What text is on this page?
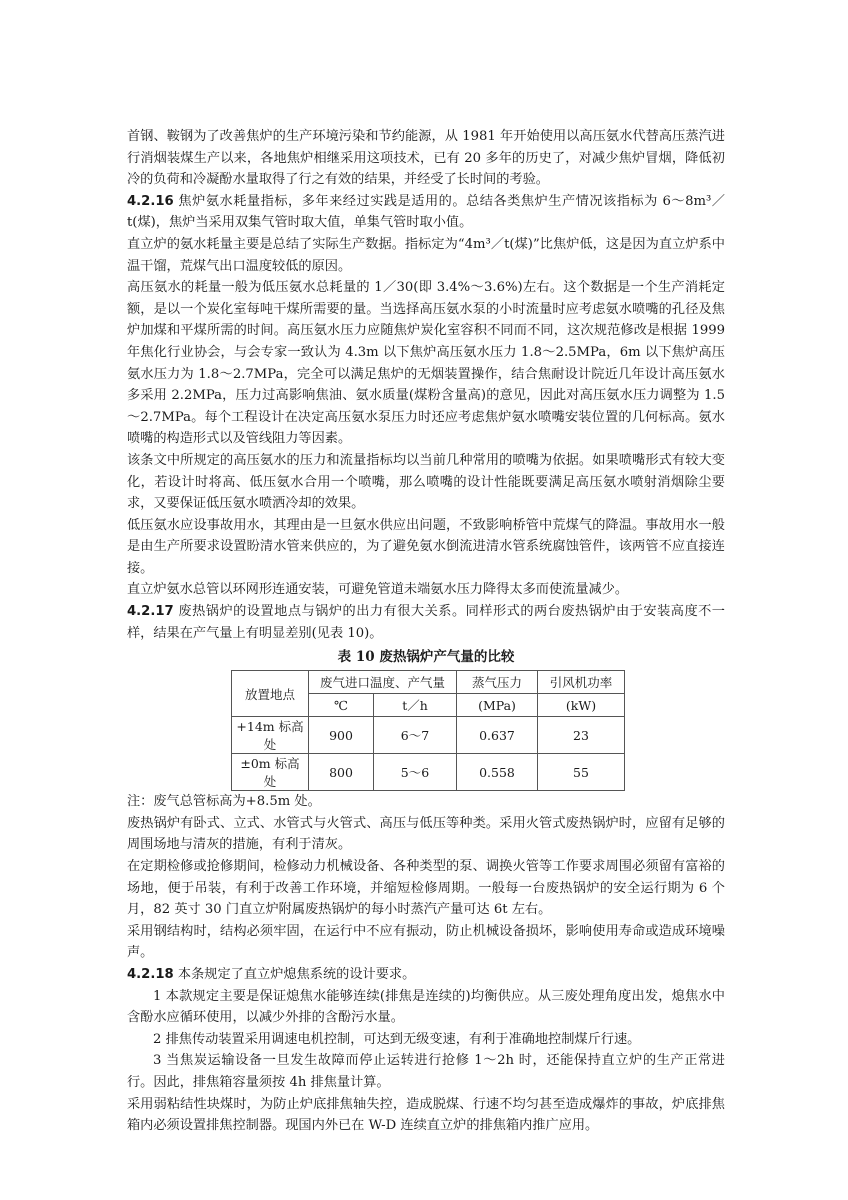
首钢、鞍钢为了改善焦炉的生产环境污染和节约能源，从 1981 年开始使用以高压氨水代替高压蒸汽进行消烟装煤生产以来，各地焦炉相继采用这项技术，已有 20 多年的历史了，对减少焦炉冒烟，降低初冷的负荷和冷凝酚水量取得了行之有效的结果，并经受了长时间的考验。

4.2.16 焦炉氨水耗量指标，多年来经过实践是适用的。总结各类焦炉生产情况该指标为 6～8m³／t(煤)，焦炉当采用双集气管时取大值，单集气管时取小值。

直立炉的氨水耗量主要是总结了实际生产数据。指标定为“4m³／t(煤)”比焦炉低，这是因为直立炉系中温干馏，荒煤气出口温度较低的原因。

高压氨水的耗量一般为低压氨水总耗量的 1／30(即 3.4%～3.6%)左右。这个数据是一个生产消耗定额，是以一个炭化室每吨干煤所需要的量。当选择高压氨水泵的小时流量时应考虑氨水喷嘴的孔径及焦炉加煤和平煤所需的时间。高压氨水压力应随焦炉炭化室容积不同而不同，这次规范修改是根据 1999 年焦化行业协会，与会专家一致认为 4.3m 以下焦炉高压氨水压力 1.8～2.5MPa，6m 以下焦炉高压氨水压力为 1.8～2.7MPa，完全可以满足焦炉的无烟装置操作，结合焦耐设计院近几年设计高压氨水多采用 2.2MPa，压力过高影响焦油、氨水质量(煤粉含量高)的意见，因此对高压氨水压力调整为 1.5～2.7MPa。每个工程设计在决定高压氨水泵压力时还应考虑焦炉氨水喷嘴安装位置的几何标高。氨水喷嘴的构造形式以及管线阻力等因素。

该条文中所规定的高压氨水的压力和流量指标均以当前几种常用的喷嘴为依据。如果喷嘴形式有较大变化，若设计时将高、低压氨水合用一个喷嘴，那么喷嘴的设计性能既要满足高压氨水喷射消烟除尘要求，又要保证低压氨水喷洒冷却的效果。

低压氨水应设事故用水，其理由是一旦氨水供应出问题，不致影响桥管中荒煤气的降温。事故用水一般是由生产所要求设置盼清水管来供应的，为了避免氨水倒流进清水管系统腐蚀管件，该两管不应直接连接。

直立炉氨水总管以环网形连通安装，可避免管道未端氨水压力降得太多而使流量减少。

4.2.17 废热锅炉的设置地点与锅炉的出力有很大关系。同样形式的两台废热锅炉由于安装高度不一样，结果在产气量上有明显差别(见表 10)。

表 10 废热锅炉产气量的比较
放置地点	废气进口温度、产气量		蒸气压力	引风机功率
	℃	t／h	(MPa)	(kW)
+14m 标高处	900	6～7	0.637	23
±0m 标高处	800	5～6	0.558	55

注：废气总管标高为+8.5m 处。

废热锅炉有卧式、立式、水管式与火管式、高压与低压等种类。采用火管式废热锅炉时，应留有足够的周围场地与清灰的措施，有利于清灰。

在定期检修或抢修期间，检修动力机械设备、各种类型的泵、调换火管等工作要求周围必须留有富裕的场地，便于吊装，有利于改善工作环境，并缩短检修周期。一般每一台废热锅炉的安全运行期为 6 个月，82 英寸 30 门直立炉附属废热锅炉的每小时蒸汽产量可达 6t 左右。

采用钢结构时，结构必须牢固，在运行中不应有振动，防止机械设备损坏，影响使用寿命或造成环境噪声。

4.2.18 本条规定了直立炉熄焦系统的设计要求。

1 本款规定主要是保证熄焦水能够连续(排焦是连续的)均衡供应。从三废处理角度出发，熄焦水中含酚水应循环使用，以减少外排的含酚污水量。

2 排焦传动装置采用调速电机控制，可达到无级变速，有利于准确地控制煤斤行速。

3 当焦炭运输设备一旦发生故障而停止运转进行抢修 1～2h 时，还能保持直立炉的生产正常进行。因此，排焦箱容量须按 4h 排焦量计算。

采用弱粘结性块煤时，为防止炉底排焦轴失控，造成脱煤、行速不均匀甚至造成爆炸的事故，炉底排焦箱内必须设置排焦控制器。现国内外已在 W-D 连续直立炉的排焦箱内推广应用。
